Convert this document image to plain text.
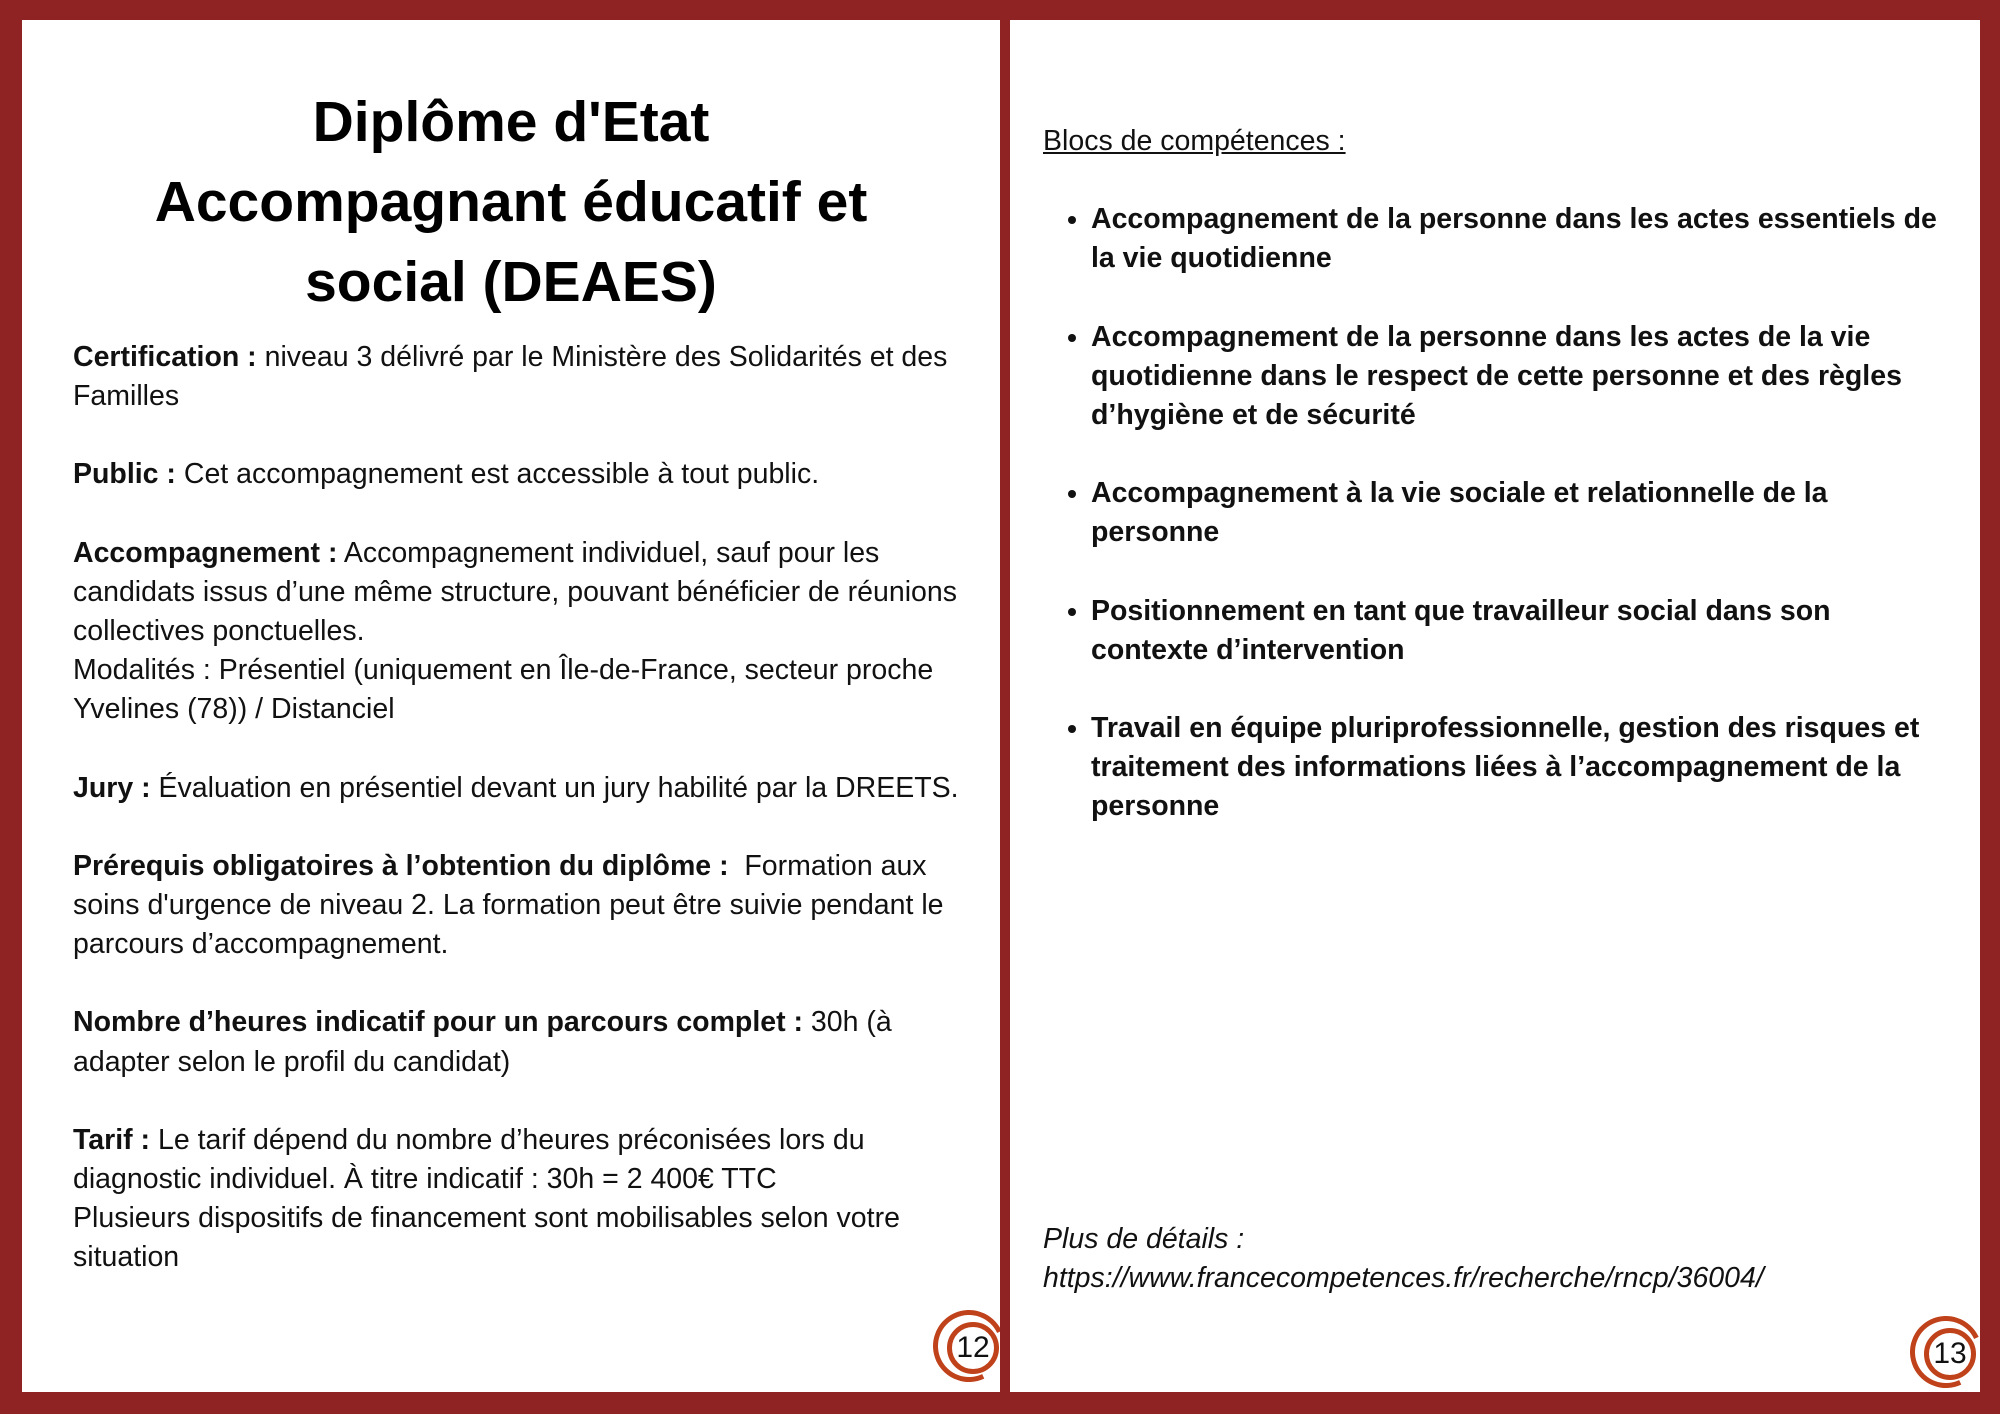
Diplôme d'Etat
Accompagnant éducatif et
social (DEAES)

Certification : niveau 3 délivré par le Ministère des Solidarités et des Familles

Public : Cet accompagnement est accessible à tout public.

Accompagnement : Accompagnement individuel, sauf pour les candidats issus d’une même structure, pouvant bénéficier de réunions collectives ponctuelles.

Modalités : Présentiel (uniquement en Île-de-France, secteur proche Yvelines (78)) / Distanciel

Jury : Évaluation en présentiel devant un jury habilité par la DREETS.

Prérequis obligatoires à l’obtention du diplôme :  Formation aux soins d'urgence de niveau 2. La formation peut être suivie pendant le parcours d’accompagnement.

Nombre d’heures indicatif pour un parcours complet : 30h (à adapter selon le profil du candidat)

Tarif : Le tarif dépend du nombre d’heures préconisées lors du diagnostic individuel. À titre indicatif : 30h = 2 400€ TTC

Plusieurs dispositifs de financement sont mobilisables selon votre situation

12

Blocs de compétences :

• Accompagnement de la personne dans les actes essentiels de la vie quotidienne
• Accompagnement de la personne dans les actes de la vie quotidienne dans le respect de cette personne et des règles d’hygiène et de sécurité
• Accompagnement à la vie sociale et relationnelle de la personne
• Positionnement en tant que travailleur social dans son contexte d’intervention
• Travail en équipe pluriprofessionnelle, gestion des risques et traitement des informations liées à l’accompagnement de la personne

Plus de détails :

https://www.francecompetences.fr/recherche/rncp/36004/

13
